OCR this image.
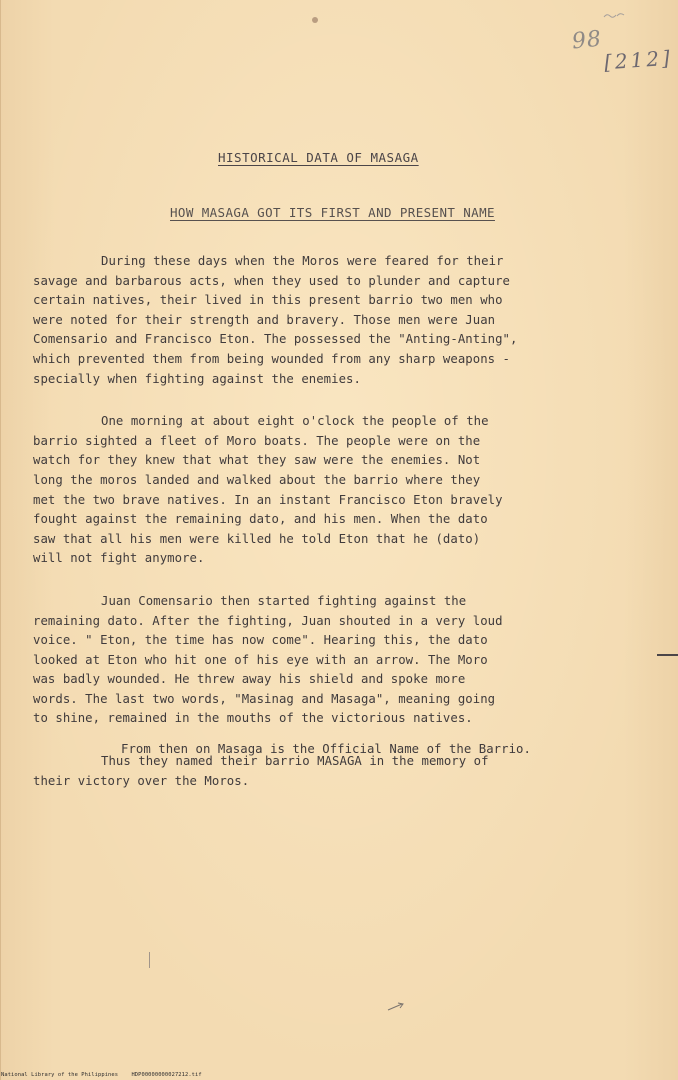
98
[212]
HISTORICAL DATA OF MASAGA
HOW MASAGA GOT ITS FIRST AND PRESENT NAME
During these days when the Moros were feared for their
savage and barbarous acts, when they used to plunder and capture
certain natives, their lived in this present barrio two men who
were noted for their strength and bravery. Those men were Juan
Comensario and Francisco Eton. The possessed the "Anting-Anting",
which prevented them from being wounded from any sharp weapons -
specially when fighting against the enemies.
One morning at about eight o'clock the people of the
barrio sighted a fleet of Moro boats. The people were on the
watch for they knew that what they saw were the enemies. Not
long the moros landed and walked about the barrio where they
met the two brave natives. In an instant Francisco Eton bravely
fought against the remaining dato, and his men. When the dato
saw that all his men were killed he told Eton that he (dato)
will not fight anymore.
Juan Comensario then started fighting against the
remaining dato. After the fighting, Juan shouted in a very loud
voice. " Eton, the time has now come". Hearing this, the dato
looked at Eton who hit one of his eye with an arrow. The Moro
was badly wounded. He threw away his shield and spoke more
words. The last two words, "Masinag and Masaga", meaning going
to shine, remained in the mouths of the victorious natives.
Thus they named their barrio MASAGA in the memory of
their victory over the Moros.
From then on Masaga is the Official Name of the Barrio.
National Library of the Philippines HDP00000000027212.tif
